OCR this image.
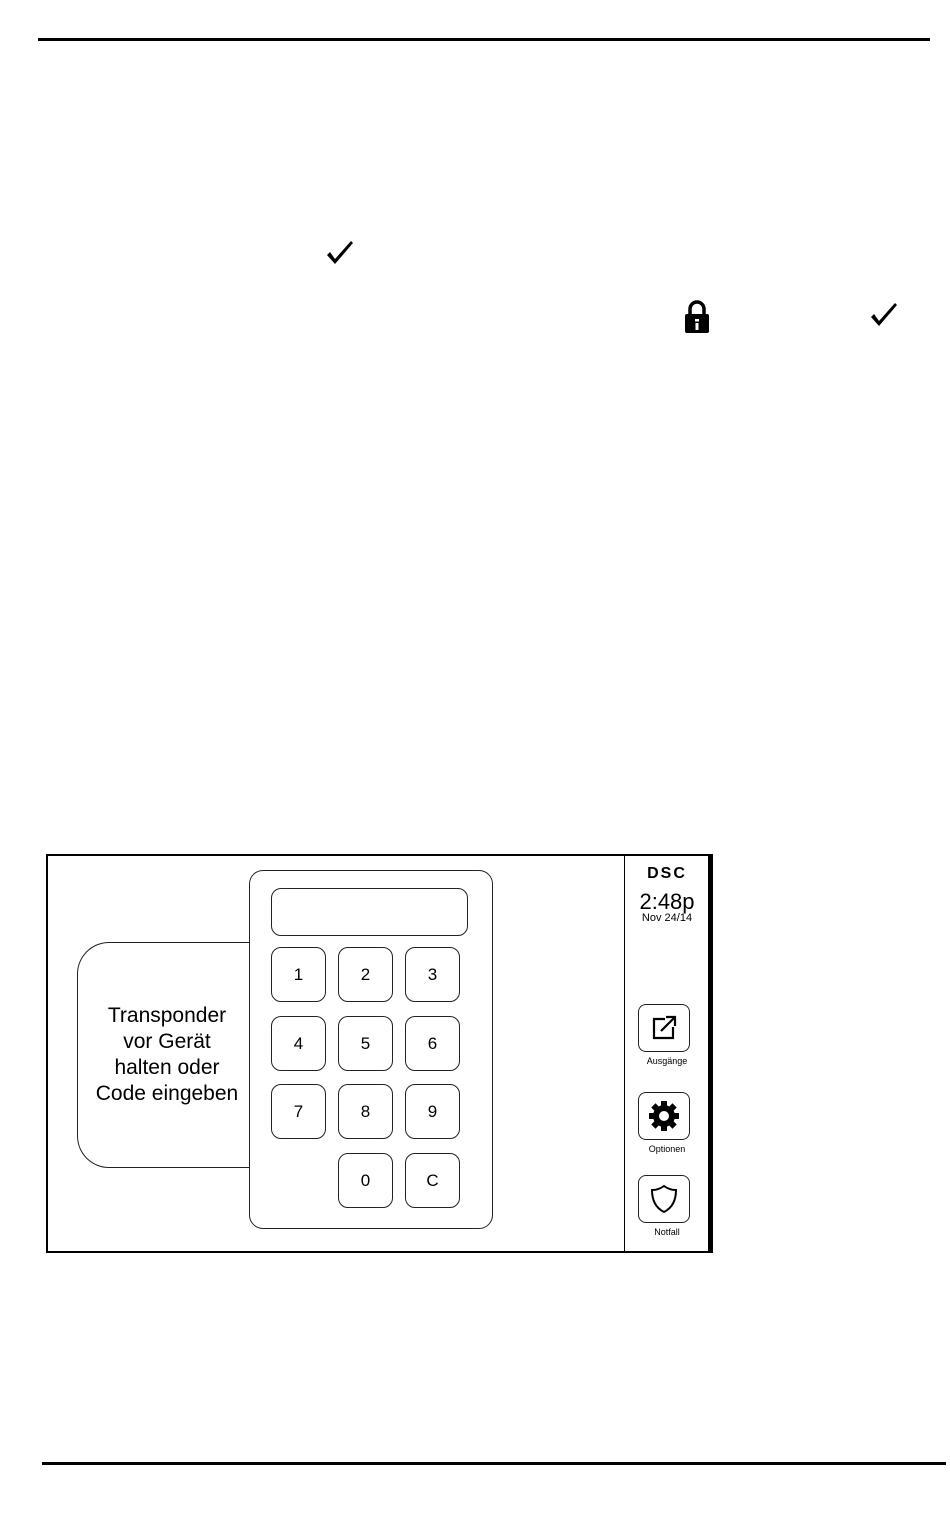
Transponder
vor Gerät
halten oder
Code eingeben
1	2	3
4	5	6
7	8	9
0	C
DSC
2:48p
Nov 24/14
Ausgänge
Optionen
Notfall
